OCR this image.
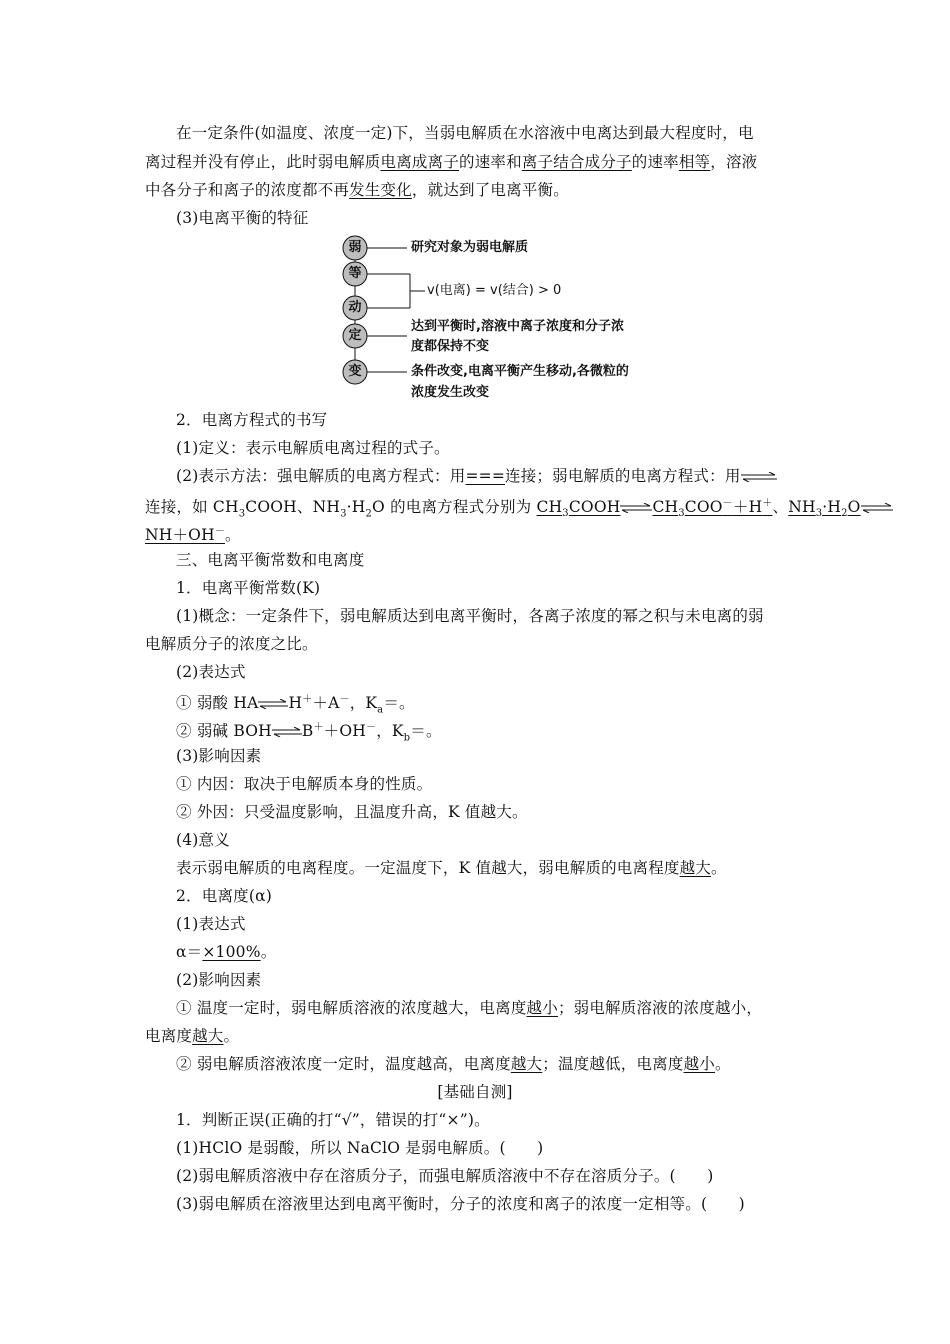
在一定条件(如温度、浓度一定)下，当弱电解质在水溶液中电离达到最大程度时，电
离过程并没有停止，此时弱电解质电离成离子的速率和离子结合成分子的速率相等，溶液
中各分子和离子的浓度都不再发生变化，就达到了电离平衡。
(3)电离平衡的特征
弱
等
动
定
变
研究对象为弱电解质
v(电离) = v(结合) > 0
达到平衡时,溶液中离子浓度和分子浓
度都保持不变
条件改变,电离平衡产生移动,各微粒的
浓度发生改变
2．电离方程式的书写
(1)定义：表示电解质电离过程的式子。
(2)表示方法：强电解质的电离方程式：用===连接；弱电解质的电离方程式：用⇌
连接，如 $CH_3COOH$、$NH_3\cdot H_2O$ 的电离方程式分别为 $CH_3COOH\rightleftharpoons CH_3COO^-+H^+$、$NH_3\cdot H_2O\rightleftharpoons$
NH＋OH－。
三、电离平衡常数和电离度
1．电离平衡常数(K)
(1)概念：一定条件下，弱电解质达到电离平衡时，各离子浓度的幂之积与未电离的弱
电解质分子的浓度之比。
(2)表达式
① 弱酸 HA⇌H＋＋A－，$K_a=$。
② 弱碱 BOH⇌B＋＋OH－，$K_b=$。
(3)影响因素
① 内因：取决于电解质本身的性质。
② 外因：只受温度影响，且温度升高，K 值越大。
(4)意义
表示弱电解质的电离程度。一定温度下，K 值越大，弱电解质的电离程度越大。
2．电离度(α)
(1)表达式
α＝×100%。
(2)影响因素
① 温度一定时，弱电解质溶液的浓度越大，电离度越小；弱电解质溶液的浓度越小，
电离度越大。
② 弱电解质溶液浓度一定时，温度越高，电离度越大；温度越低，电离度越小。
[基础自测]
1．判断正误(正确的打“√”，错误的打“×”)。
(1)HClO 是弱酸，所以 NaClO 是弱电解质。(　　)
(2)弱电解质溶液中存在溶质分子，而强电解质溶液中不存在溶质分子。(　　)
(3)弱电解质在溶液里达到电离平衡时，分子的浓度和离子的浓度一定相等。(　　)
